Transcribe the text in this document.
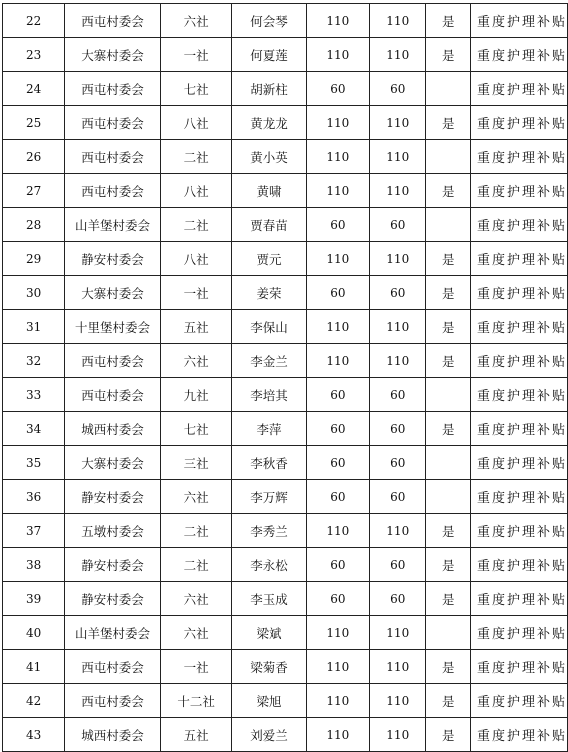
22	西屯村委会	六社	何会琴	110	110	是	重度护理补贴
23	大寨村委会	一社	何夏莲	110	110	是	重度护理补贴
24	西屯村委会	七社	胡新柱	60	60		重度护理补贴
25	西屯村委会	八社	黄龙龙	110	110	是	重度护理补贴
26	西屯村委会	二社	黄小英	110	110		重度护理补贴
27	西屯村委会	八社	黄啸	110	110	是	重度护理补贴
28	山羊堡村委会	二社	贾春苗	60	60		重度护理补贴
29	静安村委会	八社	贾元	110	110	是	重度护理补贴
30	大寨村委会	一社	姜荣	60	60	是	重度护理补贴
31	十里堡村委会	五社	李保山	110	110	是	重度护理补贴
32	西屯村委会	六社	李金兰	110	110	是	重度护理补贴
33	西屯村委会	九社	李培其	60	60		重度护理补贴
34	城西村委会	七社	李萍	60	60	是	重度护理补贴
35	大寨村委会	三社	李秋香	60	60		重度护理补贴
36	静安村委会	六社	李万辉	60	60		重度护理补贴
37	五墩村委会	二社	李秀兰	110	110	是	重度护理补贴
38	静安村委会	二社	李永松	60	60	是	重度护理补贴
39	静安村委会	六社	李玉成	60	60	是	重度护理补贴
40	山羊堡村委会	六社	梁斌	110	110		重度护理补贴
41	西屯村委会	一社	梁菊香	110	110	是	重度护理补贴
42	西屯村委会	十二社	梁旭	110	110	是	重度护理补贴
43	城西村委会	五社	刘爱兰	110	110	是	重度护理补贴
